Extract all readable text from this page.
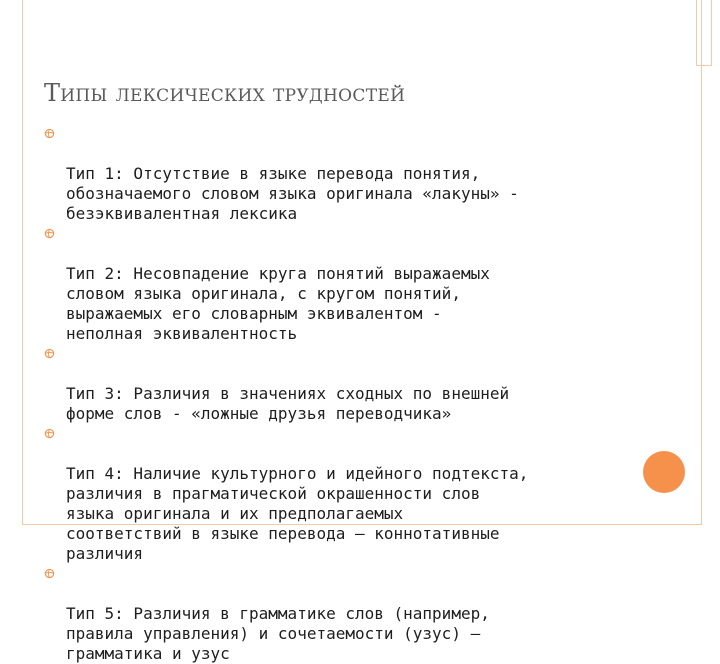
Типы лексических трудностей

Тип 1: Отсутствие в языке перевода понятия,
обозначаемого словом языка оригинала «лакуны» -
безэквивалентная лексика

Тип 2: Несовпадение круга понятий выражаемых
словом языка оригинала, с кругом понятий,
выражаемых его словарным эквивалентом -
неполная эквивалентность

Тип 3: Различия в значениях сходных по внешней
форме слов - «ложные друзья переводчика»

Тип 4: Наличие культурного и идейного подтекста,
различия в прагматической окрашенности слов
языка оригинала и их предполагаемых
соответствий в языке перевода – коннотативные
различия

Тип 5: Различия в грамматике слов (например,
правила управления) и сочетаемости (узус) –
грамматика и узус
